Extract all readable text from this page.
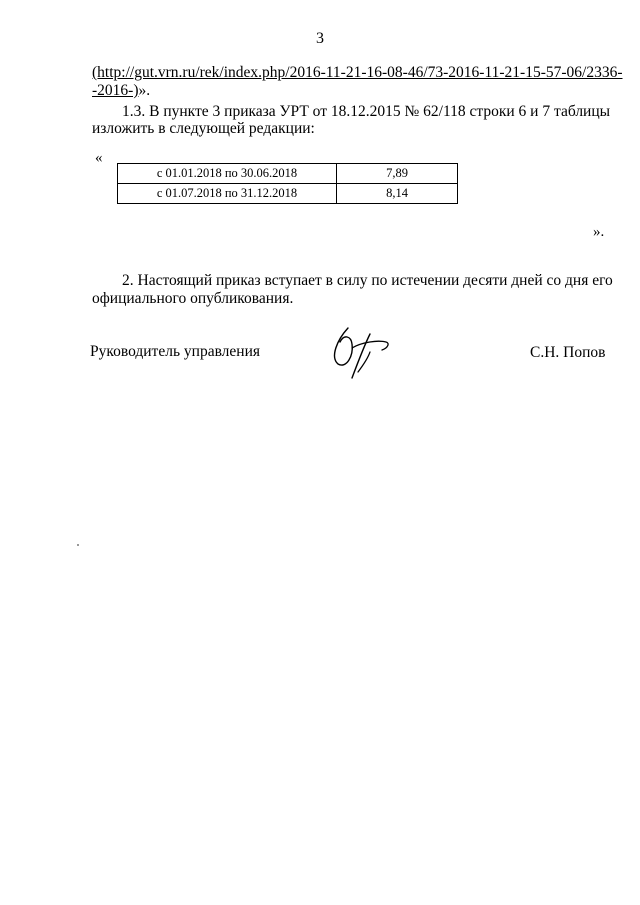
3
(http://gut.vrn.ru/rek/index.php/2016-11-21-16-08-46/73-2016-11-21-15-57-06/2336-
-2016-)».
1.3. В пункте 3 приказа УРТ от 18.12.2015 № 62/118 строки 6 и 7 таблицы
изложить в следующей редакции:
«
с 01.01.2018 по 30.06.2018	7,89
с 01.07.2018 по 31.12.2018	8,14
».
2. Настоящий приказ вступает в силу по истечении десяти дней со дня его
официального опубликования.
Руководитель управления	С.Н. Попов
